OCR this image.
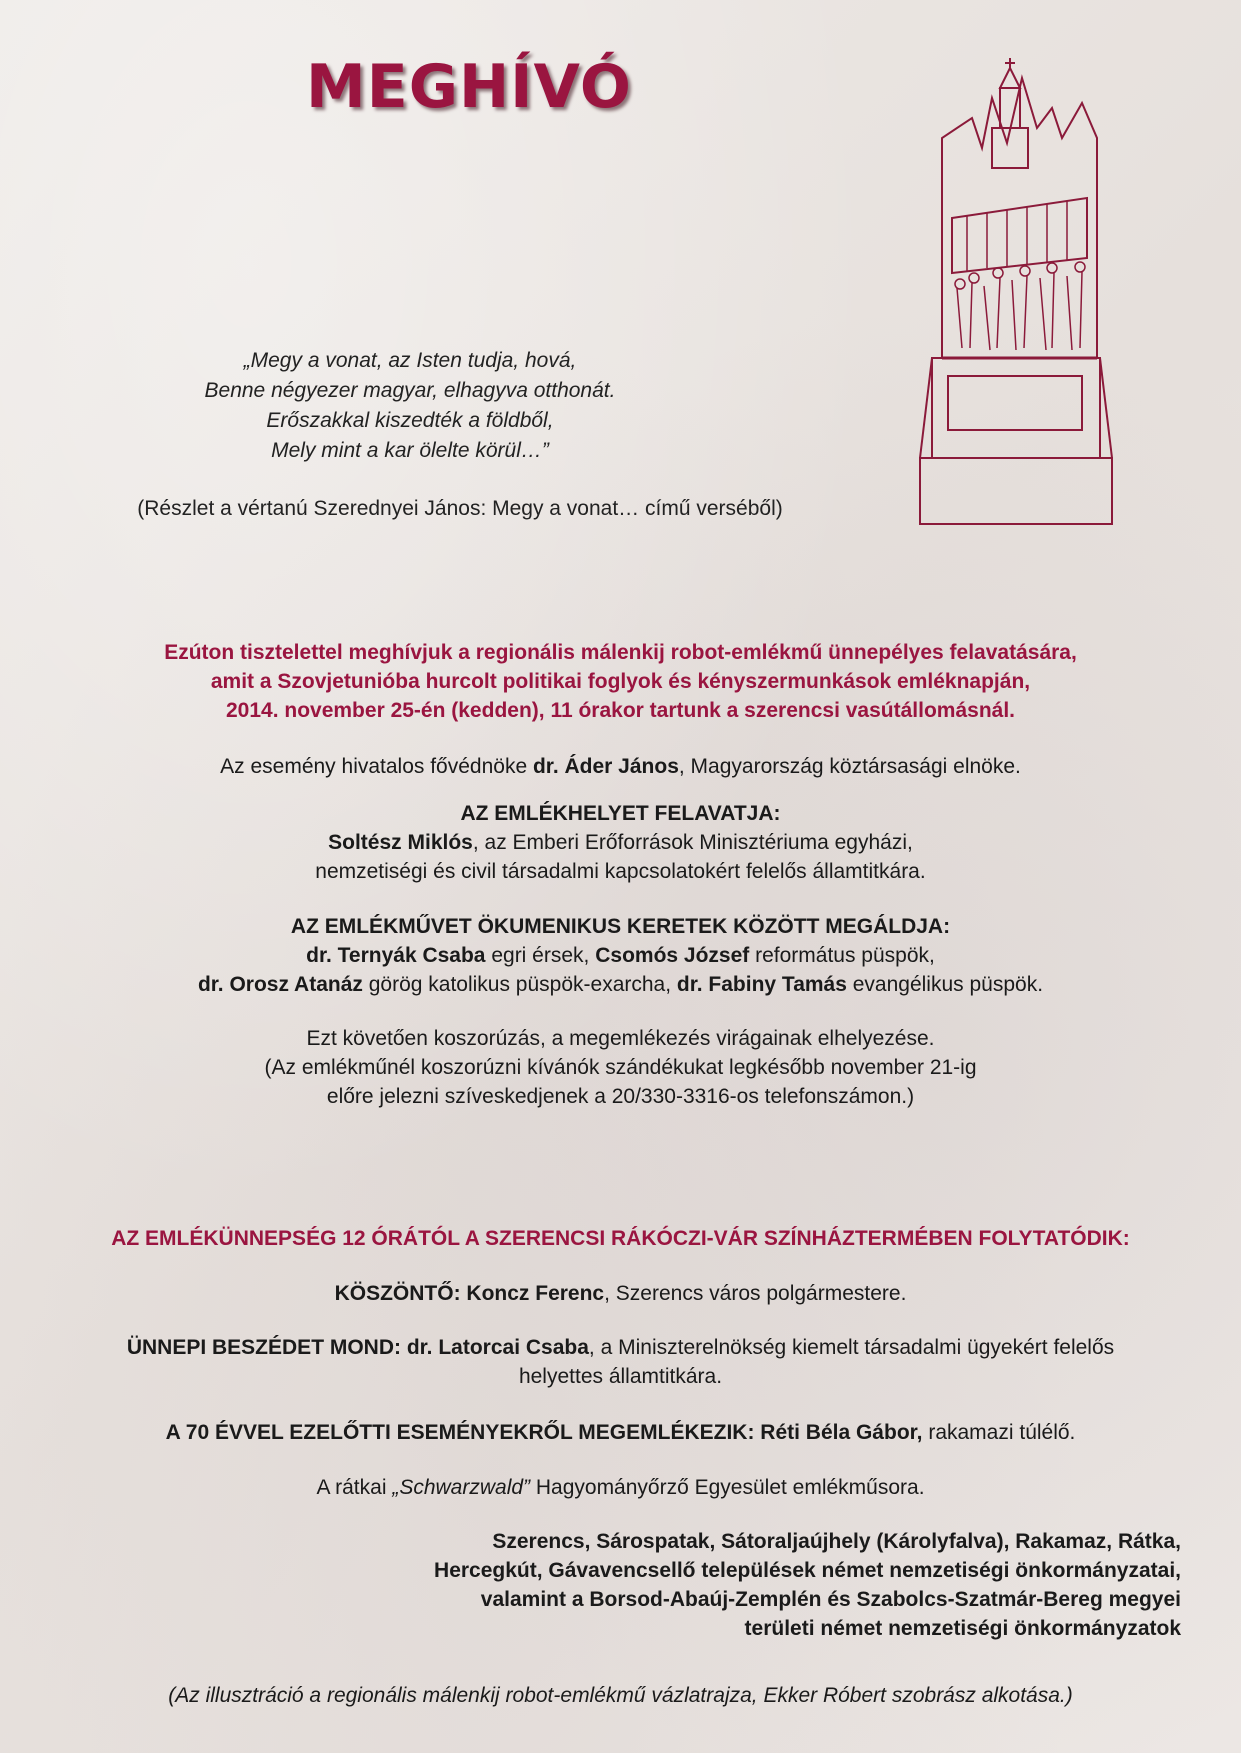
MEGHÍVÓ

„Megy a vonat, az Isten tudja, hová,

Benne négyezer magyar, elhagyva otthonát.

Erőszakkal kiszedték a földből,

Mely mint a kar ölelte körül…”

(Részlet a vértanú Szerednyei János: Megy a vonat… című verséből)

Ezúton tisztelettel meghívjuk a regionális málenkij robot-emlékmű ünnepélyes felavatására,

amit a Szovjetunióba hurcolt politikai foglyok és kényszermunkások emléknapján,

2014. november 25-én (kedden), 11 órakor tartunk a szerencsi vasútállomásnál.

Az esemény hivatalos fővédnöke dr. Áder János, Magyarország köztársasági elnöke.

AZ EMLÉKHELYET FELAVATJA:

Soltész Miklós, az Emberi Erőforrások Minisztériuma egyházi,

nemzetiségi és civil társadalmi kapcsolatokért felelős államtitkára.

AZ EMLÉKMŰVET ÖKUMENIKUS KERETEK KÖZÖTT MEGÁLDJA:

dr. Ternyák Csaba egri érsek, Csomós József református püspök,

dr. Orosz Atanáz görög katolikus püspök-exarcha, dr. Fabiny Tamás evangélikus püspök.

Ezt követően koszorúzás, a megemlékezés virágainak elhelyezése.

(Az emlékműnél koszorúzni kívánók szándékukat legkésőbb november 21-ig

előre jelezni szíveskedjenek a 20/330-3316-os telefonszámon.)

AZ EMLÉKÜNNEPSÉG 12 ÓRÁTÓL A SZERENCSI RÁKÓCZI-VÁR SZÍNHÁZTERMÉBEN FOLYTATÓDIK:
KÖSZÖNTŐ: Koncz Ferenc, Szerencs város polgármestere.

ÜNNEPI BESZÉDET MOND: dr. Latorcai Csaba, a Miniszterelnökség kiemelt társadalmi ügyekért felelős

helyettes államtitkára.

A 70 ÉVVEL EZELŐTTI ESEMÉNYEKRŐL MEGEMLÉKEZIK: Réti Béla Gábor, rakamazi túlélő.
A rátkai „Schwarzwald” Hagyományőrző Egyesület emlékműsora.

Szerencs, Sárospatak, Sátoraljaújhely (Károlyfalva), Rakamaz, Rátka,

Hercegkút, Gávavencsellő települések német nemzetiségi önkormányzatai,

valamint a Borsod-Abaúj-Zemplén és Szabolcs-Szatmár-Bereg megyei

területi német nemzetiségi önkormányzatok

(Az illusztráció a regionális málenkij robot-emlékmű vázlatrajza, Ekker Róbert szobrász alkotása.)
